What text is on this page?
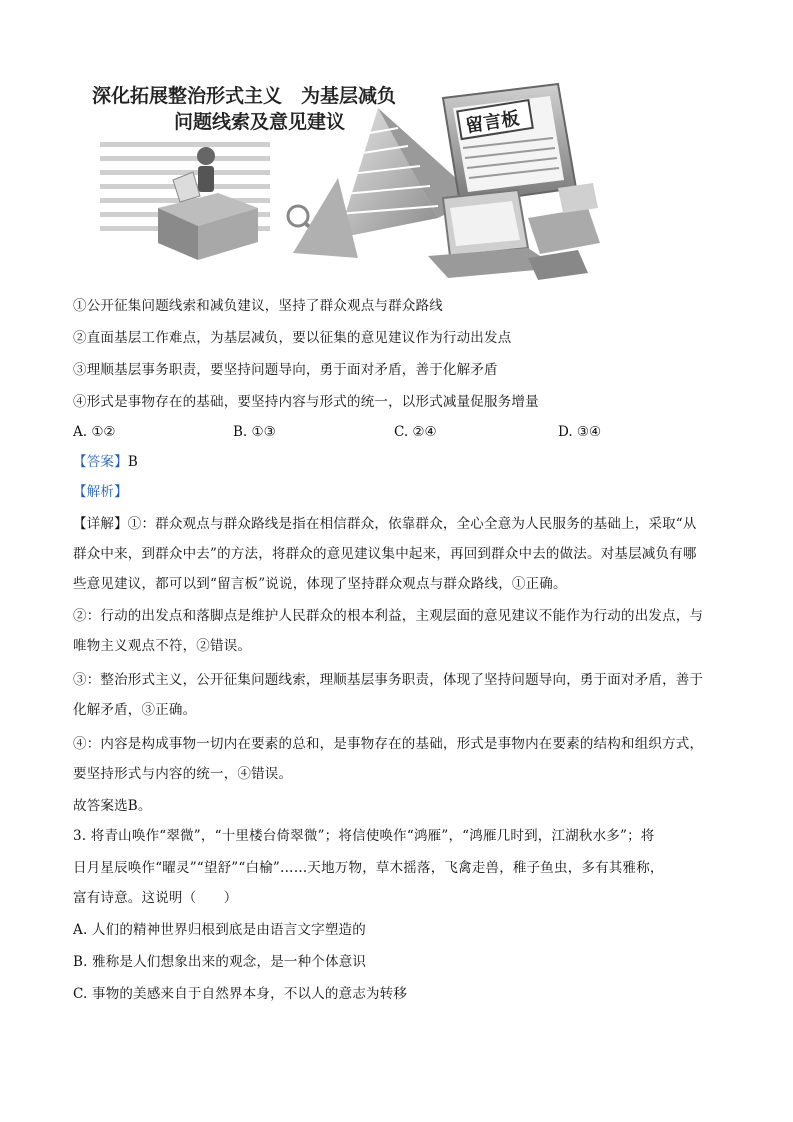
深化拓展整治形式主义　为基层减负
问题线索及意见建议	留言板
①公开征集问题线索和减负建议，坚持了群众观点与群众路线
②直面基层工作难点，为基层减负，要以征集的意见建议作为行动出发点
③理顺基层事务职责，要坚持问题导向，勇于面对矛盾，善于化解矛盾
④形式是事物存在的基础，要坚持内容与形式的统一，以形式减量促服务增量
A. ①②	B. ①③	C. ②④	D. ③④
【答案】B
【解析】
【详解】①：群众观点与群众路线是指在相信群众，依靠群众，全心全意为人民服务的基础上，采取“从
群众中来，到群众中去”的方法，将群众的意见建议集中起来，再回到群众中去的做法。对基层减负有哪
些意见建议，都可以到“留言板”说说，体现了坚持群众观点与群众路线，①正确。
②：行动的出发点和落脚点是维护人民群众的根本利益，主观层面的意见建议不能作为行动的出发点，与
唯物主义观点不符，②错误。
③：整治形式主义，公开征集问题线索，理顺基层事务职责，体现了坚持问题导向，勇于面对矛盾，善于
化解矛盾，③正确。
④：内容是构成事物一切内在要素的总和，是事物存在的基础，形式是事物内在要素的结构和组织方式，
要坚持形式与内容的统一，④错误。
故答案选B。
3. 将青山唤作“翠微”，“十里楼台倚翠微”；将信使唤作“鸿雁”，“鸿雁几时到，江湖秋水多”；将
日月星辰唤作“曜灵”“望舒”“白榆”……天地万物，草木摇落，飞禽走兽，稚子鱼虫，多有其雅称，
富有诗意。这说明（　　）
A. 人们的精神世界归根到底是由语言文字塑造的
B. 雅称是人们想象出来的观念，是一种个体意识
C. 事物的美感来自于自然界本身，不以人的意志为转移
